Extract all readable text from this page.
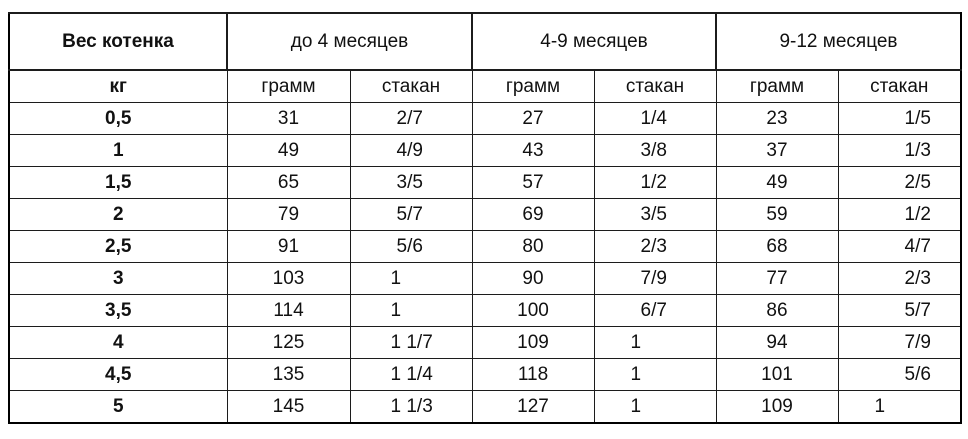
Вес котенка	до 4 месяцев		4-9 месяцев		9-12 месяцев	
кг	грамм	стакан	грамм	стакан	грамм	стакан
0,5	31	2/7	27	1/4	23	1/5
1	49	4/9	43	3/8	37	1/3
1,5	65	3/5	57	1/2	49	2/5
2	79	5/7	69	3/5	59	1/2
2,5	91	5/6	80	2/3	68	4/7
3	103	1	90	7/9	77	2/3
3,5	114	1	100	6/7	86	5/7
4	125	1 1/7	109	1	94	7/9
4,5	135	1 1/4	118	1	101	5/6
5	145	1 1/3	127	1	109	1
